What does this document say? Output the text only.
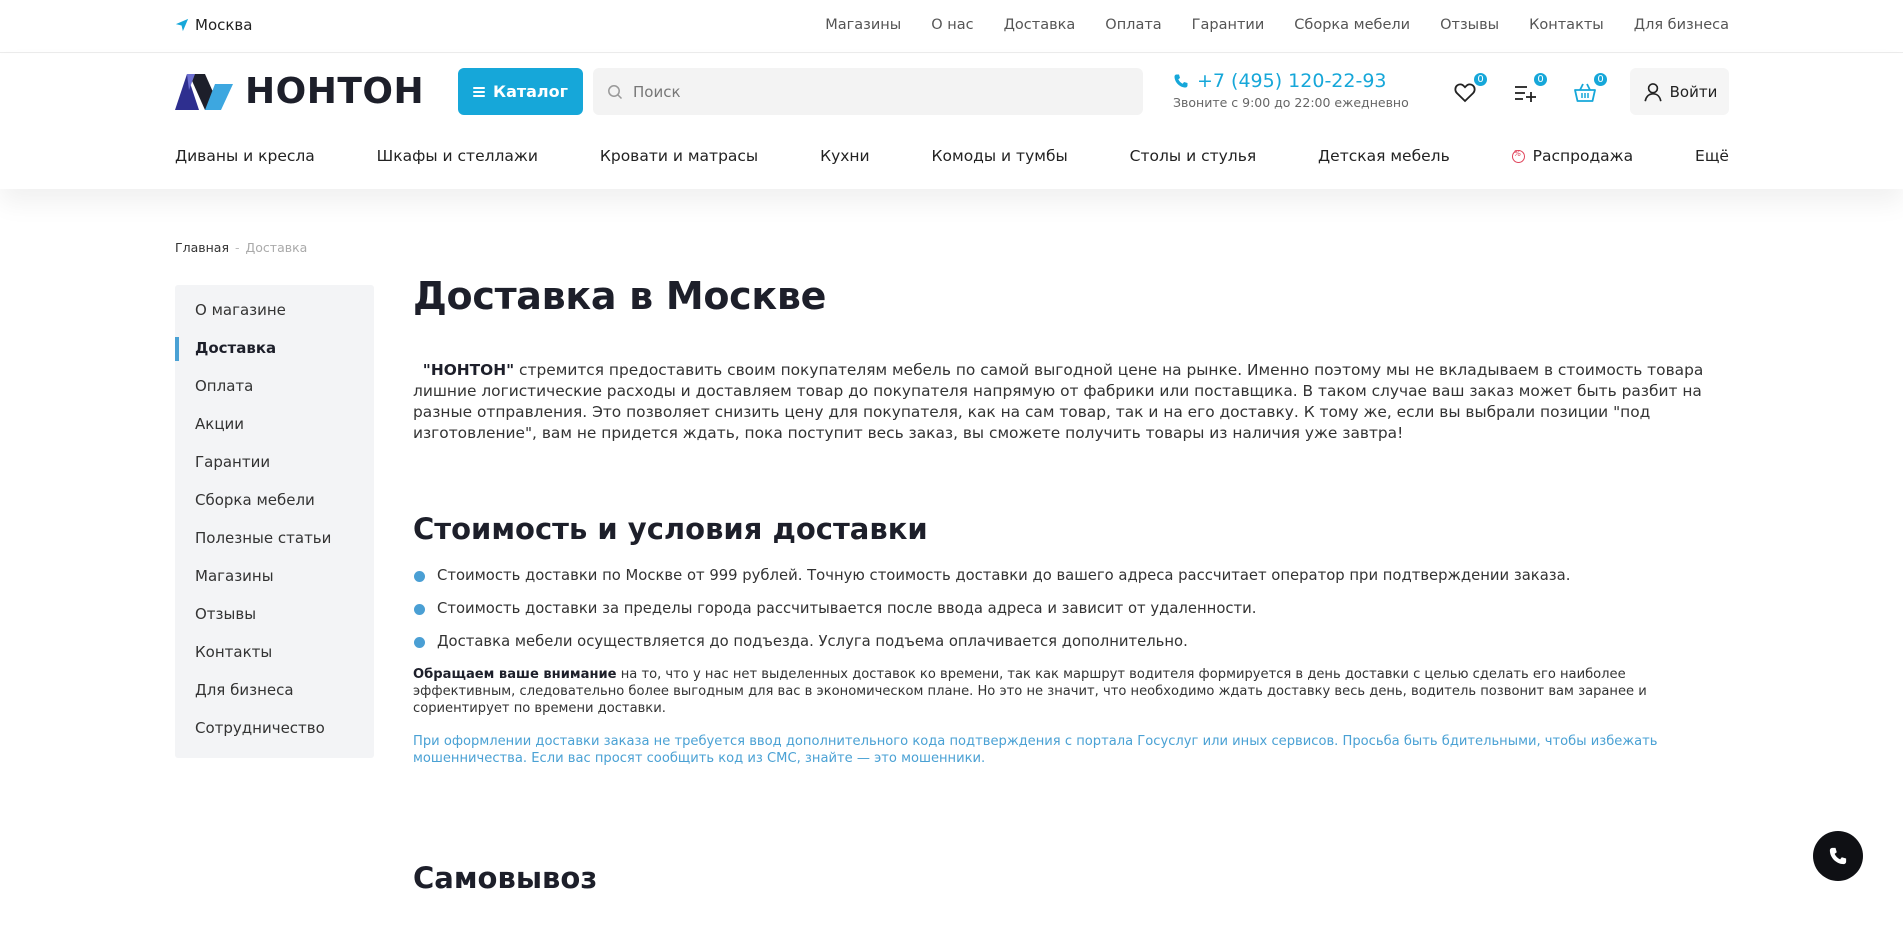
Москва	Магазины О нас Доставка Оплата Гарантии Сборка мебели Отзывы Контакты Для бизнеса
НОНТОН	Каталог
Поиск	+7 (495) 120-22-93
Звоните с 9:00 до 22:00 ежедневно
0	0	0
Войти
Диваны и кресла	Шкафы и стеллажи	Кровати и матрасы	Кухни	Комоды и тумбы	Столы и стулья	Детская мебель
%	Распродажа	Ещё
Главная - Доставка
О магазине
Доставка
Оплата
Акции
Гарантии
Сборка мебели
Полезные статьи
Магазины
Отзывы
Контакты
Для бизнеса
Сотрудничество
Доставка в Москве

"НОНТОН" стремится предоставить своим покупателям мебель по самой выгодной цене на рынке. Именно поэтому мы не вкладываем в стоимость товара лишние логистические расходы и доставляем товар до покупателя напрямую от фабрики или поставщика. В таком случае ваш заказ может быть разбит на разные отправления. Это позволяет снизить цену для покупателя, как на сам товар, так и на его доставку. К тому же, если вы выбрали позиции "под изготовление", вам не придется ждать, пока поступит весь заказ, вы сможете получить товары из наличия уже завтра!

Стоимость и условия доставки
Стоимость доставки по Москве от 999 рублей. Точную стоимость доставки до вашего адреса рассчитает оператор при подтверждении заказа.
Стоимость доставки за пределы города рассчитывается после ввода адреса и зависит от удаленности.
Доставка мебели осуществляется до подъезда. Услуга подъема оплачивается дополнительно.

Обращаем ваше внимание на то, что у нас нет выделенных доставок ко времени, так как маршрут водителя формируется в день доставки с целью сделать его наиболее эффективным, следовательно более выгодным для вас в экономическом плане. Но это не значит, что необходимо ждать доставку весь день, водитель позвонит вам заранее и сориентирует по времени доставки.

При оформлении доставки заказа не требуется ввод дополнительного кода подтверждения с портала Госуслуг или иных сервисов. Просьба быть бдительными, чтобы избежать мошенничества. Если вас просят сообщить код из СМС, знайте — это мошенники.

Самовывоз
